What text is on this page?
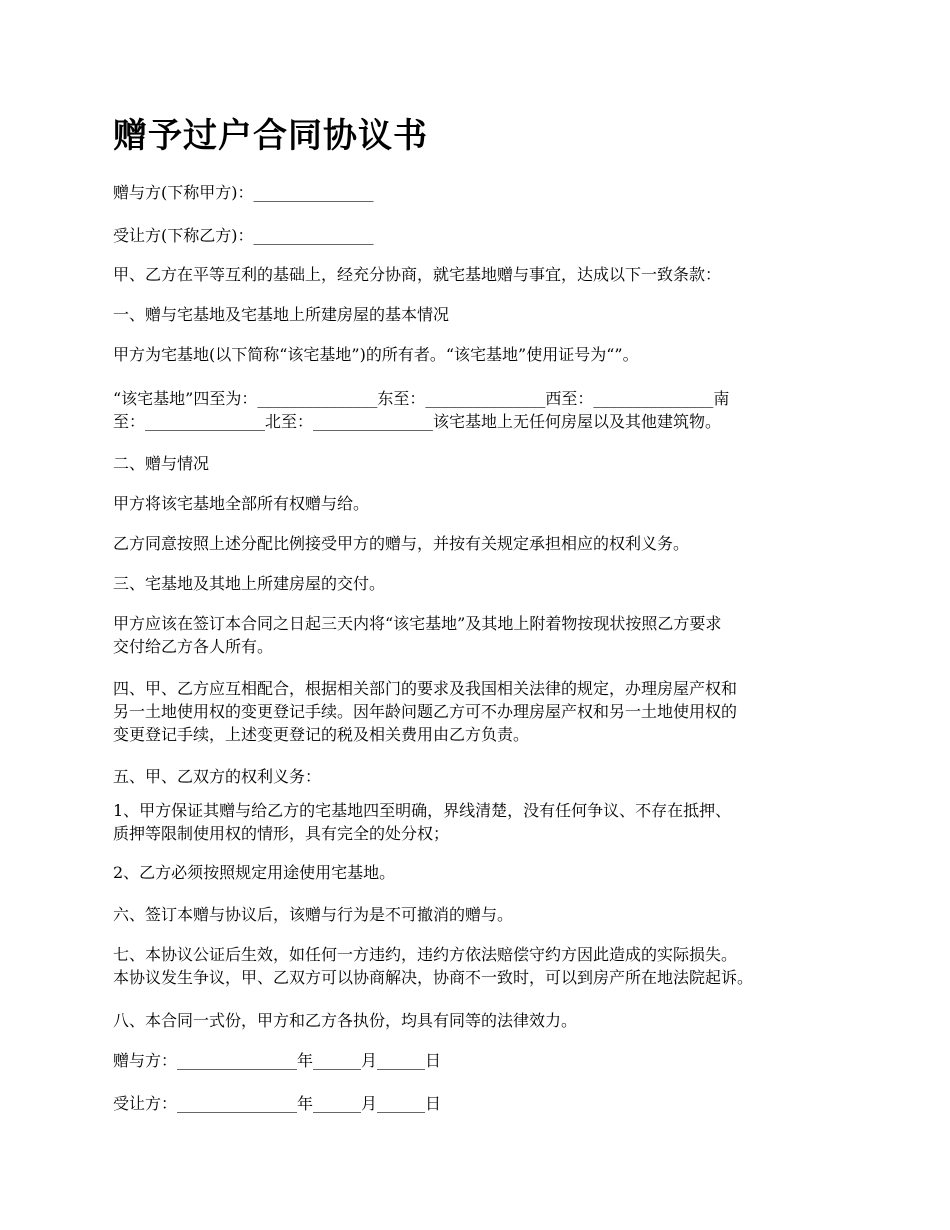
赠予过户合同协议书

赠与方(下称甲方)：_______________

受让方(下称乙方)：_______________

甲、乙方在平等互利的基础上，经充分协商，就宅基地赠与事宜，达成以下一致条款：

一、赠与宅基地及宅基地上所建房屋的基本情况

甲方为宅基地(以下简称“该宅基地”)的所有者。“该宅基地”使用证号为“”。

“该宅基地”四至为：_______________东至：_______________西至：_______________南
至：_______________北至：_______________该宅基地上无任何房屋以及其他建筑物。

二、赠与情况

甲方将该宅基地全部所有权赠与给。

乙方同意按照上述分配比例接受甲方的赠与，并按有关规定承担相应的权利义务。

三、宅基地及其地上所建房屋的交付。

甲方应该在签订本合同之日起三天内将“该宅基地”及其地上附着物按现状按照乙方要求
交付给乙方各人所有。

四、甲、乙方应互相配合，根据相关部门的要求及我国相关法律的规定，办理房屋产权和
另一土地使用权的变更登记手续。因年龄问题乙方可不办理房屋产权和另一土地使用权的
变更登记手续，上述变更登记的税及相关费用由乙方负责。

五、甲、乙双方的权利义务：

1、甲方保证其赠与给乙方的宅基地四至明确，界线清楚，没有任何争议、不存在抵押、
质押等限制使用权的情形，具有完全的处分权；

2、乙方必须按照规定用途使用宅基地。

六、签订本赠与协议后，该赠与行为是不可撤消的赠与。

七、本协议公证后生效，如任何一方违约，违约方依法赔偿守约方因此造成的实际损失。
本协议发生争议，甲、乙双方可以协商解决，协商不一致时，可以到房产所在地法院起诉。

八、本合同一式份，甲方和乙方各执份，均具有同等的法律效力。

赠与方：_______________年______月______日

受让方：_______________年______月______日
